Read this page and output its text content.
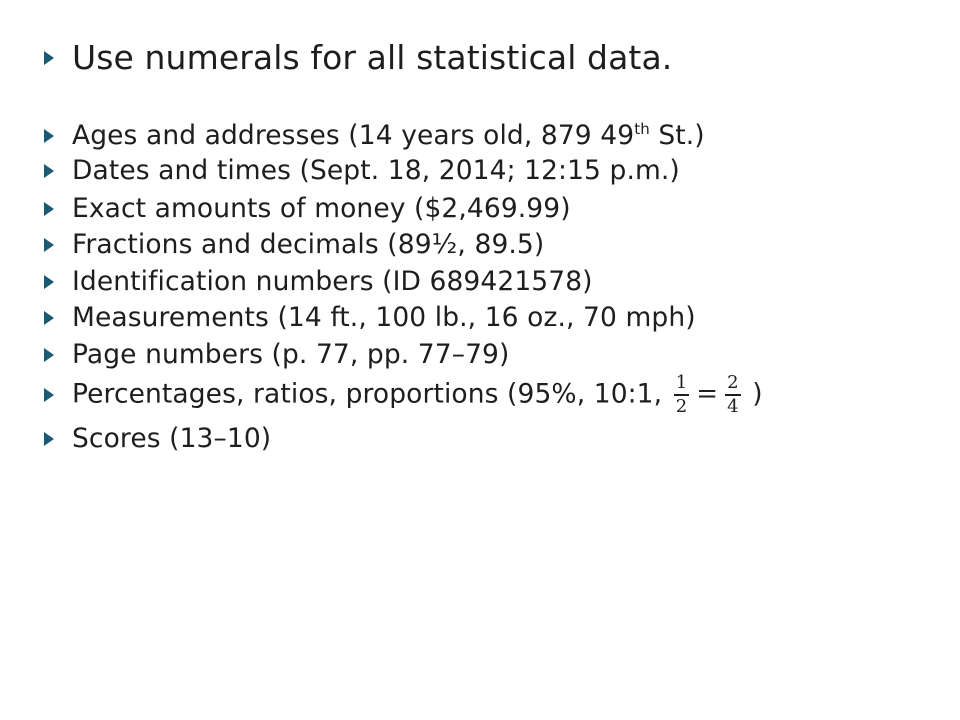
Use numerals for all statistical data.
Ages and addresses (14 years old, 879 49th St.)
Dates and times (Sept. 18, 2014; 12:15 p.m.)
Exact amounts of money ($2,469.99)
Fractions and decimals (89½, 89.5)
Identification numbers (ID 689421578)
Measurements (14 ft., 100 lb., 16 oz., 70 mph)
Page numbers (p. 77, pp. 77–79)
Percentages, ratios, proportions (95%, 10:1, $\frac{1}{2} = \frac{2}{4}$ )
Scores (13–10)
